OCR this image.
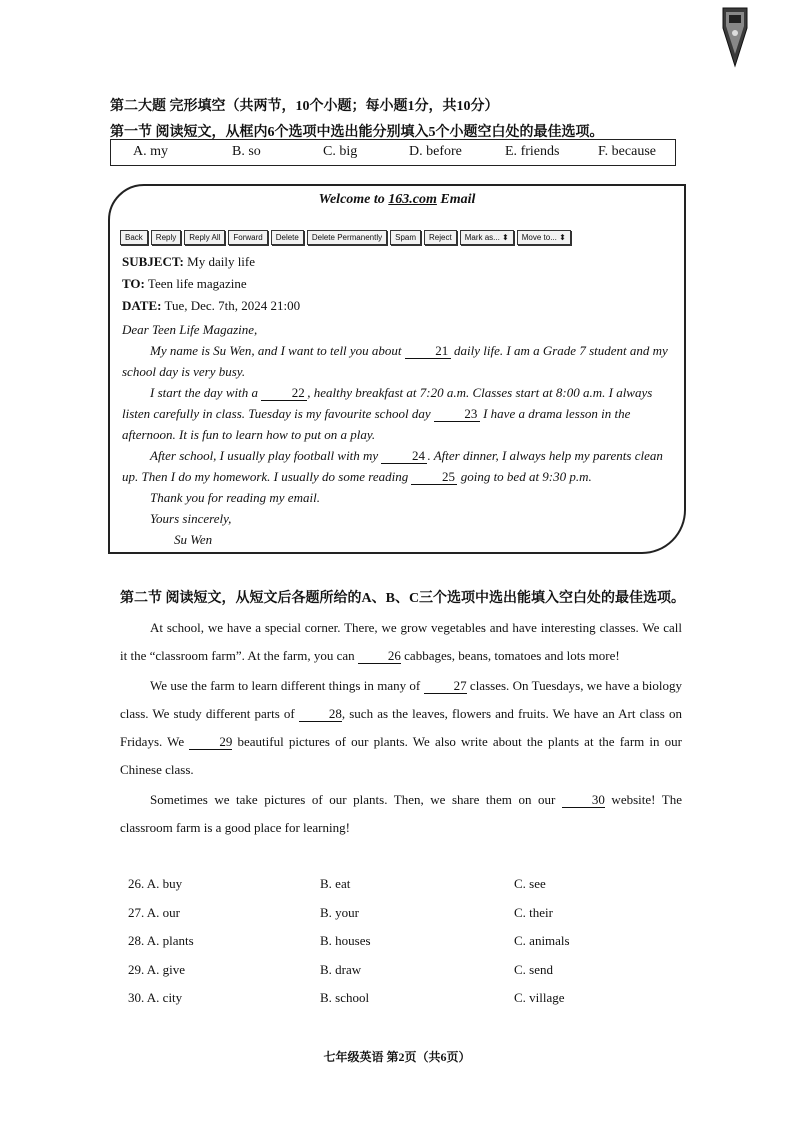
第二大题 完形填空（共两节，10个小题；每小题1分，共10分）
第一节 阅读短文，从框内6个选项中选出能分别填入5个小题空白处的最佳选项。
A. my	B. so	C. big	D. before	E. friends	F. because
Welcome to 163.com Email
Back Reply Reply All Forward Delete Delete Permanently Spam Reject Mark as... ⬍ Move to... ⬍
SUBJECT: My daily life
TO: Teen life magazine
DATE: Tue, Dec. 7th, 2024 21:00

Dear Teen Life Magazine,

My name is Su Wen, and I want to tell you about 21 daily life. I am a Grade 7 student and my school day is very busy.

I start the day with a 22 , healthy breakfast at 7:20 a.m. Classes start at 8:00 a.m. I always listen carefully in class. Tuesday is my favourite school day 23 I have a drama lesson in the afternoon. It is fun to learn how to put on a play.

After school, I usually play football with my 24 . After dinner, I always help my parents clean up. Then I do my homework. I usually do some reading 25 going to bed at 9:30 p.m.

Thank you for reading my email.

Yours sincerely,

Su Wen

第二节 阅读短文，从短文后各题所给的A、B、C三个选项中选出能填入空白处的最佳选项。

At school, we have a special corner. There, we grow vegetables and have interesting classes. We call it the “classroom farm”. At the farm, you can 26 cabbages, beans, tomatoes and lots more!

We use the farm to learn different things in many of 27 classes. On Tuesdays, we have a biology class. We study different parts of 28, such as the leaves, flowers and fruits. We have an Art class on Fridays. We 29 beautiful pictures of our plants. We also write about the plants at the farm in our Chinese class.

Sometimes we take pictures of our plants. Then, we share them on our 30 website! The classroom farm is a good place for learning!

26. A. buy	B. eat	C. see
27. A. our	B. your	C. their
28. A. plants	B. houses	C. animals
29. A. give	B. draw	C. send
30. A. city	B. school	C. village
七年级英语 第2页（共6页）
